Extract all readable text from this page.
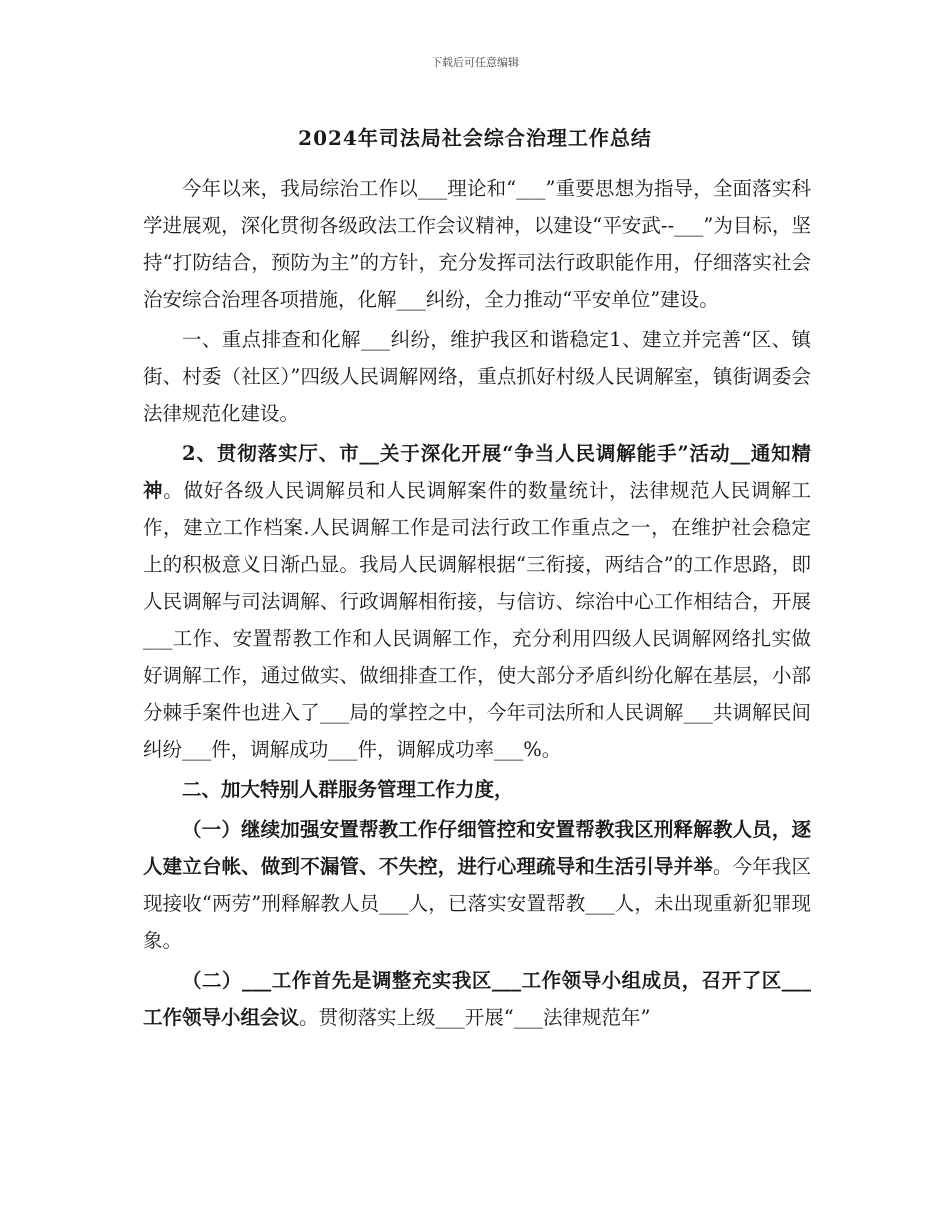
下载后可任意编辑
2024年司法局社会综合治理工作总结

今年以来，我局综治工作以___理论和“___”重要思想为指导，全面落实科学进展观，深化贯彻各级政法工作会议精神，以建设“平安武--___”为目标，坚持“打防结合，预防为主”的方针，充分发挥司法行政职能作用，仔细落实社会治安综合治理各项措施，化解___纠纷，全力推动“平安单位”建设。

一、重点排查和化解___纠纷，维护我区和谐稳定1、建立并完善“区、镇街、村委（社区）”四级人民调解网络，重点抓好村级人民调解室，镇街调委会法律规范化建设。

2、贯彻落实厅、市__关于深化开展“争当人民调解能手”活动__通知精神。做好各级人民调解员和人民调解案件的数量统计，法律规范人民调解工作，建立工作档案.人民调解工作是司法行政工作重点之一，在维护社会稳定上的积极意义日渐凸显。我局人民调解根据“三衔接，两结合”的工作思路，即人民调解与司法调解、行政调解相衔接，与信访、综治中心工作相结合，开展___工作、安置帮教工作和人民调解工作，充分利用四级人民调解网络扎实做好调解工作，通过做实、做细排查工作，使大部分矛盾纠纷化解在基层，小部分棘手案件也进入了___局的掌控之中，今年司法所和人民调解___共调解民间纠纷___件，调解成功___件，调解成功率___%。

二、加大特别人群服务管理工作力度，

（一）继续加强安置帮教工作仔细管控和安置帮教我区刑释解教人员，逐人建立台帐、做到不漏管、不失控，进行心理疏导和生活引导并举。今年我区现接收“两劳”刑释解教人员___人，已落实安置帮教___人，未出现重新犯罪现象。

（二）___工作首先是调整充实我区___工作领导小组成员，召开了区___工作领导小组会议。贯彻落实上级___开展“___法律规范年”
